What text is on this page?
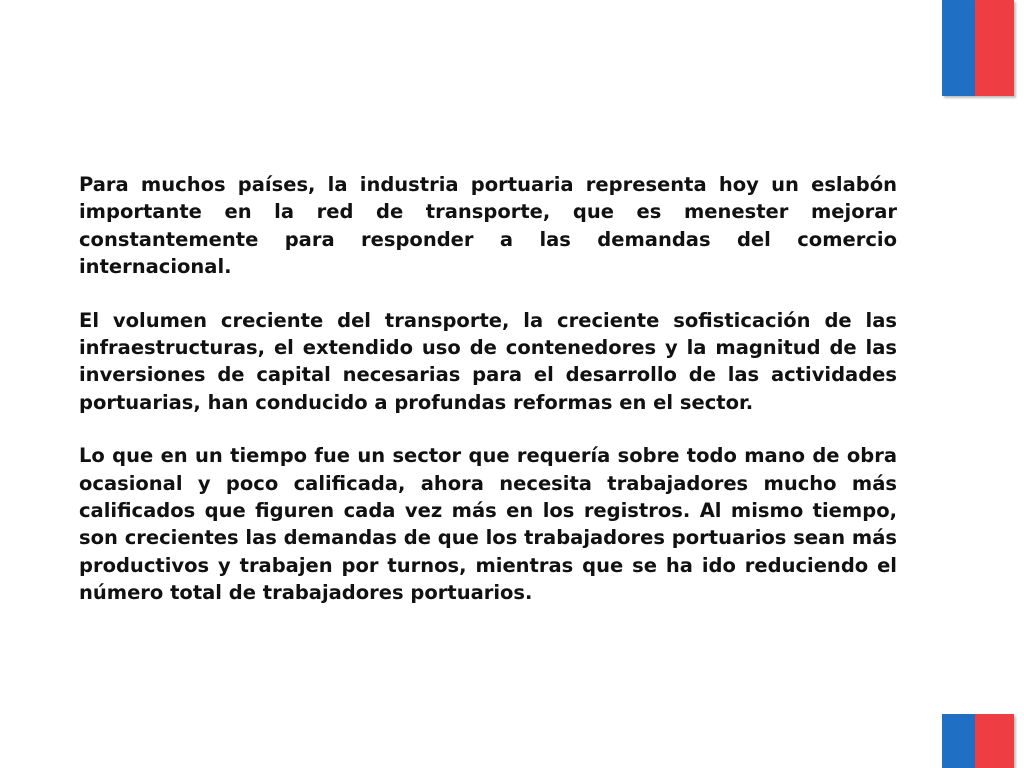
Para muchos países, la industria portuaria representa hoy un eslabón importante en la red de transporte, que es menester mejorar constantemente para responder a las demandas del comercio internacional.

El volumen creciente del transporte, la creciente sofisticación de las infraestructuras, el extendido uso de contenedores y la magnitud de las inversiones de capital necesarias para el desarrollo de las actividades portuarias, han conducido a profundas reformas en el sector.

Lo que en un tiempo fue un sector que requería sobre todo mano de obra ocasional y poco calificada, ahora necesita trabajadores mucho más calificados que figuren cada vez más en los registros. Al mismo tiempo, son crecientes las demandas de que los trabajadores portuarios sean más productivos y trabajen por turnos, mientras que se ha ido reduciendo el número total de trabajadores portuarios.
